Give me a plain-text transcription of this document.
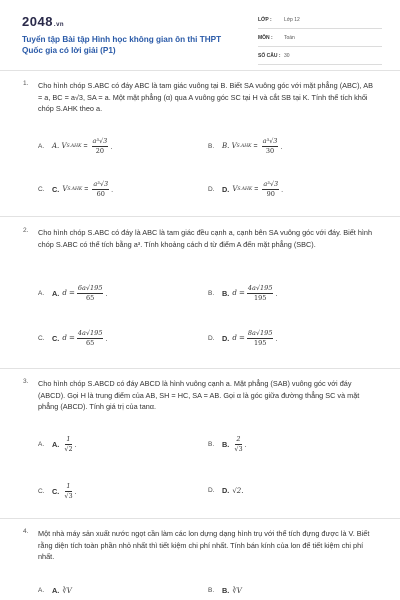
2048.vn
Tuyển tập Bài tập Hình học không gian ôn thi THPT Quốc gia có lời giải (P1)
LỚP : Lớp 12
MÔN : Toán
SỐ CÂU : 30
1. Cho hình chóp S.ABC có đáy ABC là tam giác vuông tại B. Biết SA vuông góc với mặt phẳng (ABC), AB = a, BC = a√3, SA = a. Một mặt phẳng (α) qua A vuông góc SC tại H và cắt SB tại K. Tính thể tích khối chóp S.AHK theo a.
A.	A. V $S.AHK = \frac{\text{a³√3}}{20}$ .	B.	B. V $S.AHK = \frac{\text{a³√3}}{30}$ .
C.	C. V $S.AHK = \frac{\text{a³√3}}{60}$ .	D.	D. V $S.AHK = \frac{\text{a³√3}}{90}$ .
2. Cho hình chóp S.ABC có đáy là ABC là tam giác đều cạnh a, cạnh bên SA vuông góc với đáy. Biết hình chóp S.ABC có thể tích bằng a³. Tính khoảng cách d từ điểm A đến mặt phẳng (SBC).
A.	A. $d = \frac{6a√195}{65}$ .	B.	B. $d = \frac{4a√195}{195}$ .
C.	C. $d = \frac{4a√195}{65}$ .	D.	D. $d = \frac{8a√195}{195}$ .
3. Cho hình chóp S.ABCD có đáy ABCD là hình vuông cạnh a. Mặt phẳng (SAB) vuông góc với đáy (ABCD). Gọi H là trung điểm của AB, SH = HC, SA = AB. Gọi α là góc giữa đường thẳng SC và mặt phẳng (ABCD). Tính giá trị của tanα.
A.	A. $\frac{1}{√2}$ .	B.	B. $\frac{2}{√3}$ .
C.	C. $\frac{1}{√3}$ .	D.	D. √2.
4. Một nhà máy sản xuất nước ngọt cần làm các lon dựng dạng hình trụ với thể tích đựng được là V. Biết rằng diện tích toàn phần nhỏ nhất thì tiết kiệm chi phí nhất. Tính bán kính của lon để tiết kiệm chi phí nhất.
A.	A. ∛V	B.	B. ∛V
